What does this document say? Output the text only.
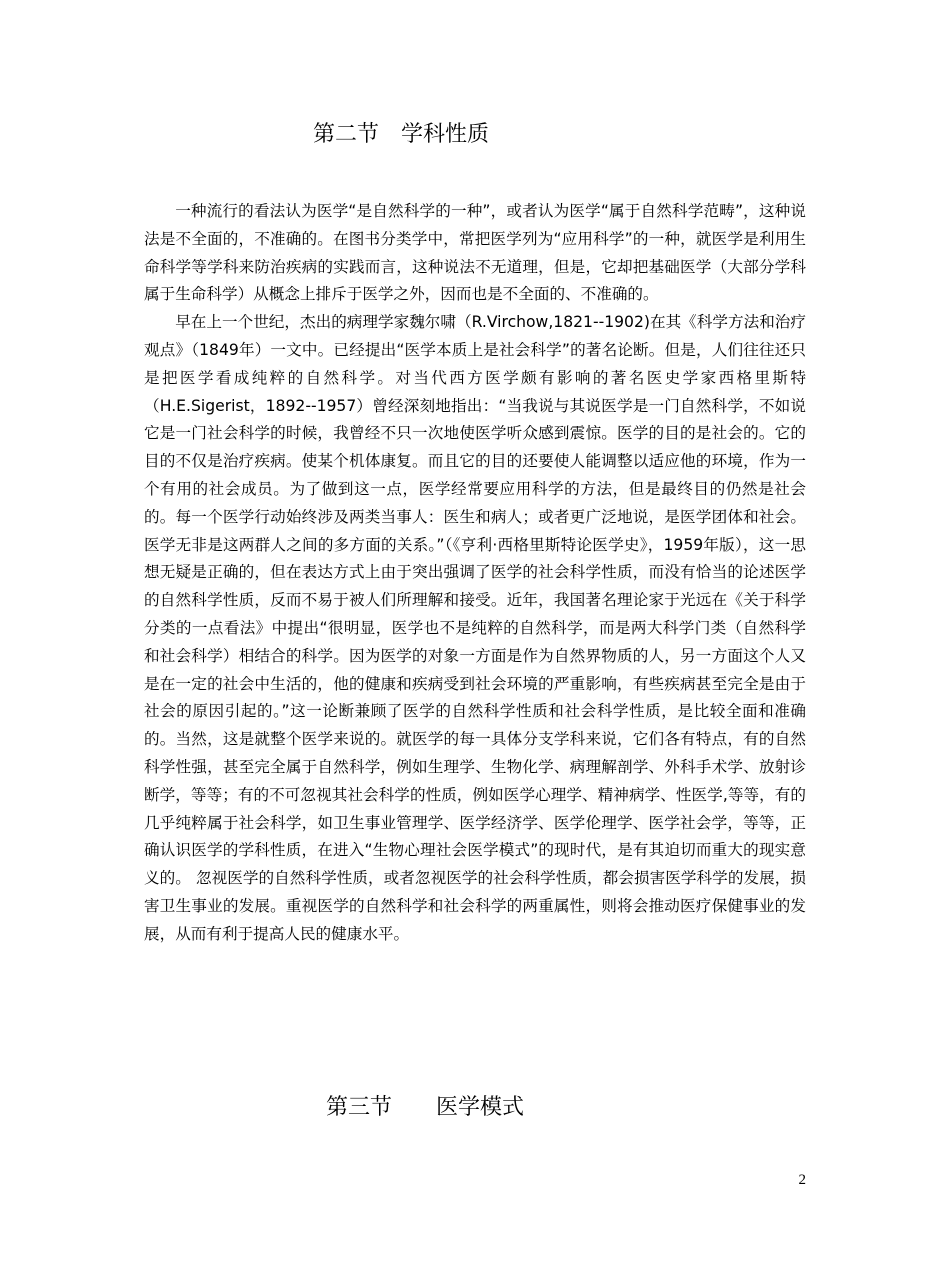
第二节　学科性质

一种流行的看法认为医学“是自然科学的一种”，或者认为医学“属于自然科学范畴”，这种说法是不全面的，不准确的。在图书分类学中，常把医学列为“应用科学”的一种，就医学是利用生命科学等学科来防治疾病的实践而言，这种说法不无道理，但是，它却把基础医学（大部分学科属于生命科学）从概念上排斥于医学之外，因而也是不全面的、不准确的。

早在上一个世纪，杰出的病理学家魏尔啸（R.Virchow,1821--1902)在其《科学方法和治疗观点》（1849年）一文中。已经提出“医学本质上是社会科学”的著名论断。但是，人们往往还只是把医学看成纯粹的自然科学。对当代西方医学颇有影响的著名医史学家西格里斯特（H.E.Sigerist，1892--1957）曾经深刻地指出：“当我说与其说医学是一门自然科学，不如说它是一门社会科学的时候，我曾经不只一次地使医学听众感到震惊。医学的目的是社会的。它的目的不仅是治疗疾病。使某个机体康复。而且它的目的还要使人能调整以适应他的环境，作为一个有用的社会成员。为了做到这一点，医学经常要应用科学的方法，但是最终目的仍然是社会的。每一个医学行动始终涉及两类当事人：医生和病人；或者更广泛地说，是医学团体和社会。医学无非是这两群人之间的多方面的关系。”（《亨利·西格里斯特论医学史》，1959年版），这一思想无疑是正确的，但在表达方式上由于突出强调了医学的社会科学性质，而没有恰当的论述医学的自然科学性质，反而不易于被人们所理解和接受。近年，我国著名理论家于光远在《关于科学分类的一点看法》中提出“很明显，医学也不是纯粹的自然科学，而是两大科学门类（自然科学和社会科学）相结合的科学。因为医学的对象一方面是作为自然界物质的人，另一方面这个人又是在一定的社会中生活的，他的健康和疾病受到社会环境的严重影响，有些疾病甚至完全是由于社会的原因引起的。”这一论断兼顾了医学的自然科学性质和社会科学性质，是比较全面和准确的。当然，这是就整个医学来说的。就医学的每一具体分支学科来说，它们各有特点，有的自然科学性强，甚至完全属于自然科学，例如生理学、生物化学、病理解剖学、外科手术学、放射诊断学，等等；有的不可忽视其社会科学的性质，例如医学心理学、精神病学、性医学,等等，有的几乎纯粹属于社会科学，如卫生事业管理学、医学经济学、医学伦理学、医学社会学，等等，正确认识医学的学科性质，在进入“生物心理社会医学模式”的现时代，是有其迫切而重大的现实意义的。 忽视医学的自然科学性质，或者忽视医学的社会科学性质，都会损害医学科学的发展，损害卫生事业的发展。重视医学的自然科学和社会科学的两重属性，则将会推动医疗保健事业的发展，从而有利于提高人民的健康水平。

第三节　　医学模式
2
